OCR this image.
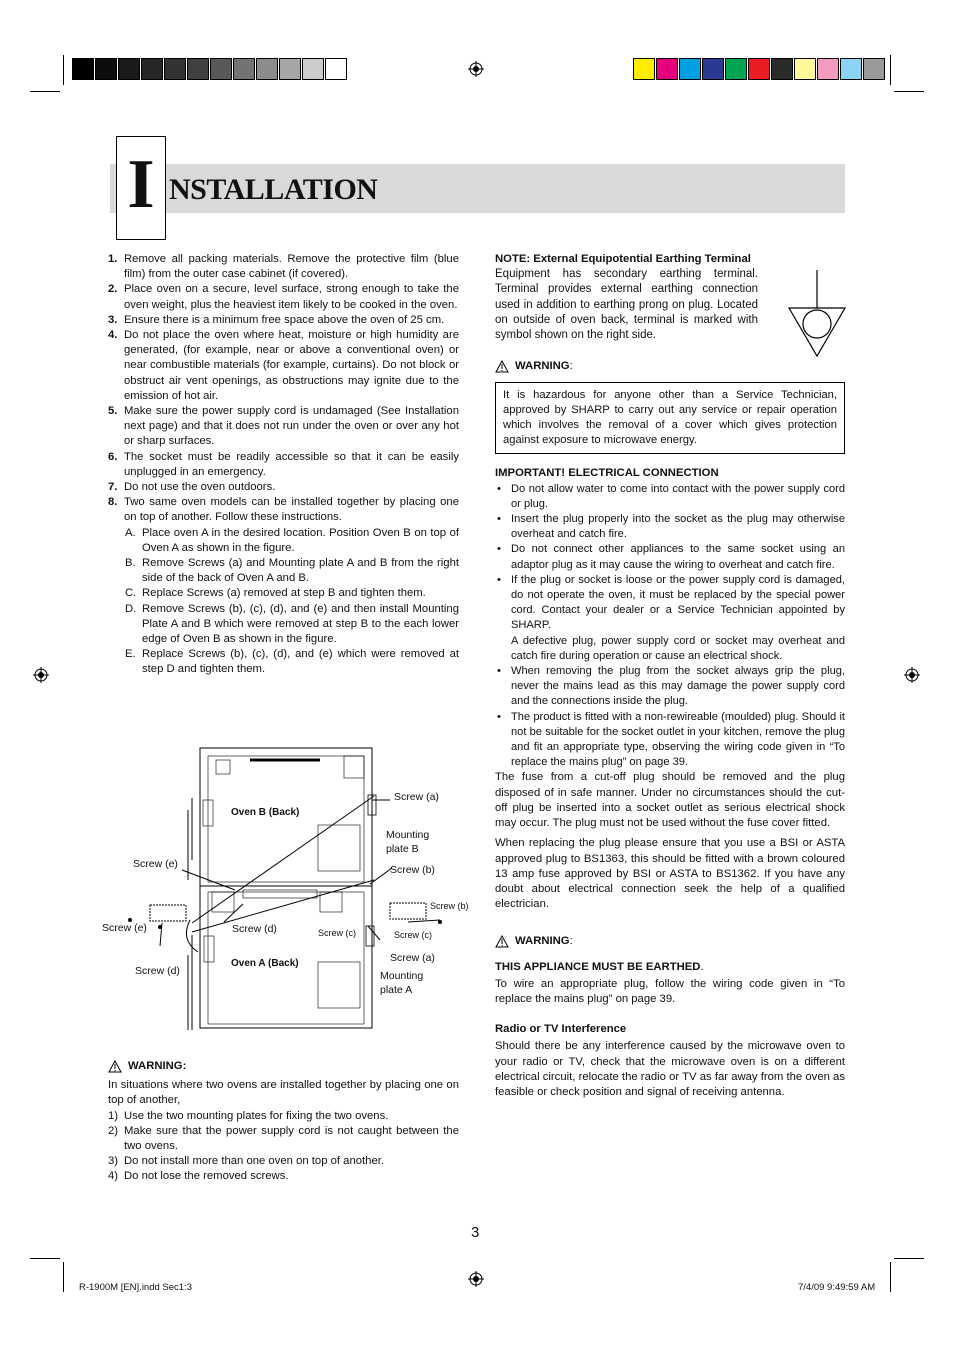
I NSTALLATION
1. Remove all packing materials. Remove the protective film (blue film) from the outer case cabinet (if covered).
2. Place oven on a secure, level surface, strong enough to take the oven weight, plus the heaviest item likely to be cooked in the oven.
3. Ensure there is a minimum free space above the oven of 25 cm.
4. Do not place the oven where heat, moisture or high humidity are generated, (for example, near or above a conventional oven) or near combustible materials (for example, curtains). Do not block or obstruct air vent openings, as obstructions may ignite due to the emission of hot air.
5. Make sure the power supply cord is undamaged (See Installation next page) and that it does not run under the oven or over any hot or sharp surfaces.
6. The socket must be readily accessible so that it can be easily unplugged in an emergency.
7. Do not use the oven outdoors.
8. Two same oven models can be installed together by placing one on top of another. Follow these instructions.
A. Place oven A in the desired location. Position Oven B on top of Oven A as shown in the figure.
B. Remove Screws (a) and Mounting plate A and B from the right side of the back of Oven A and B.
C. Replace Screws (a) removed at step B and tighten them.
D. Remove Screws (b), (c), (d), and (e) and then install Mounting Plate A and B which were removed at step B to the each lower edge of Oven B as shown in the figure.
E. Replace Screws (b), (c), (d), and (e) which were removed at step D and tighten them.
Oven B (Back)
Oven A (Back)
Screw (a)
Mounting
plate B
Screw (b)
Screw (e)
Screw (b)
Screw (e)	Screw (d)	Screw (c)	Screw (c)
Screw (a)
Screw (d)	Mounting
plate A
WARNING:
In situations where two ovens are installed together by placing one on top of another,
1) Use the two mounting plates for fixing the two ovens.
2) Make sure that the power supply cord is not caught between the two ovens.
3) Do not install more than one oven on top of another.
4) Do not lose the removed screws.
NOTE: External Equipotential Earthing Terminal
Equipment has secondary earthing terminal. Terminal provides external earthing connection used in addition to earthing prong on plug. Located on outside of oven back, terminal is marked with symbol shown on the right side.
WARNING :
It is hazardous for anyone other than a Service Technician, approved by SHARP to carry out any service or repair operation which involves the removal of a cover which gives protection against exposure to microwave energy.
IMPORTANT! ELECTRICAL CONNECTION
• Do not allow water to come into contact with the power supply cord or plug.
• Insert the plug properly into the socket as the plug may otherwise overheat and catch fire.
• Do not connect other appliances to the same socket using an adaptor plug as it may cause the wiring to overheat and catch fire.
• If the plug or socket is loose or the power supply cord is damaged, do not operate the oven, it must be replaced by the special power cord. Contact your dealer or a Service Technician appointed by SHARP.
A defective plug, power supply cord or socket may overheat and catch fire during operation or cause an electrical shock.
• When removing the plug from the socket always grip the plug, never the mains lead as this may damage the power supply cord and the connections inside the plug.
• The product is fitted with a non-rewireable (moulded) plug. Should it not be suitable for the socket outlet in your kitchen, remove the plug and fit an appropriate type, observing the wiring code given in “To replace the mains plug” on page 39.
The fuse from a cut-off plug should be removed and the plug disposed of in safe manner. Under no circumstances should the cut-off plug be inserted into a socket outlet as serious electrical shock may occur. The plug must not be used without the fuse cover fitted.
When replacing the plug please ensure that you use a BSI or ASTA approved plug to BS1363, this should be fitted with a brown coloured 13 amp fuse approved by BSI or ASTA to BS1362. If you have any doubt about electrical connection seek the help of a qualified electrician.
WARNING :
THIS APPLIANCE MUST BE EARTHED.
To wire an appropriate plug, follow the wiring code given in “To replace the mains plug” on page 39.
Radio or TV Interference
Should there be any interference caused by the microwave oven to your radio or TV, check that the microwave oven is on a different electrical circuit, relocate the radio or TV as far away from the oven as feasible or check position and signal of receiving antenna.
3
R-1900M [EN].indd Sec1:3	7/4/09 9:49:59 AM
